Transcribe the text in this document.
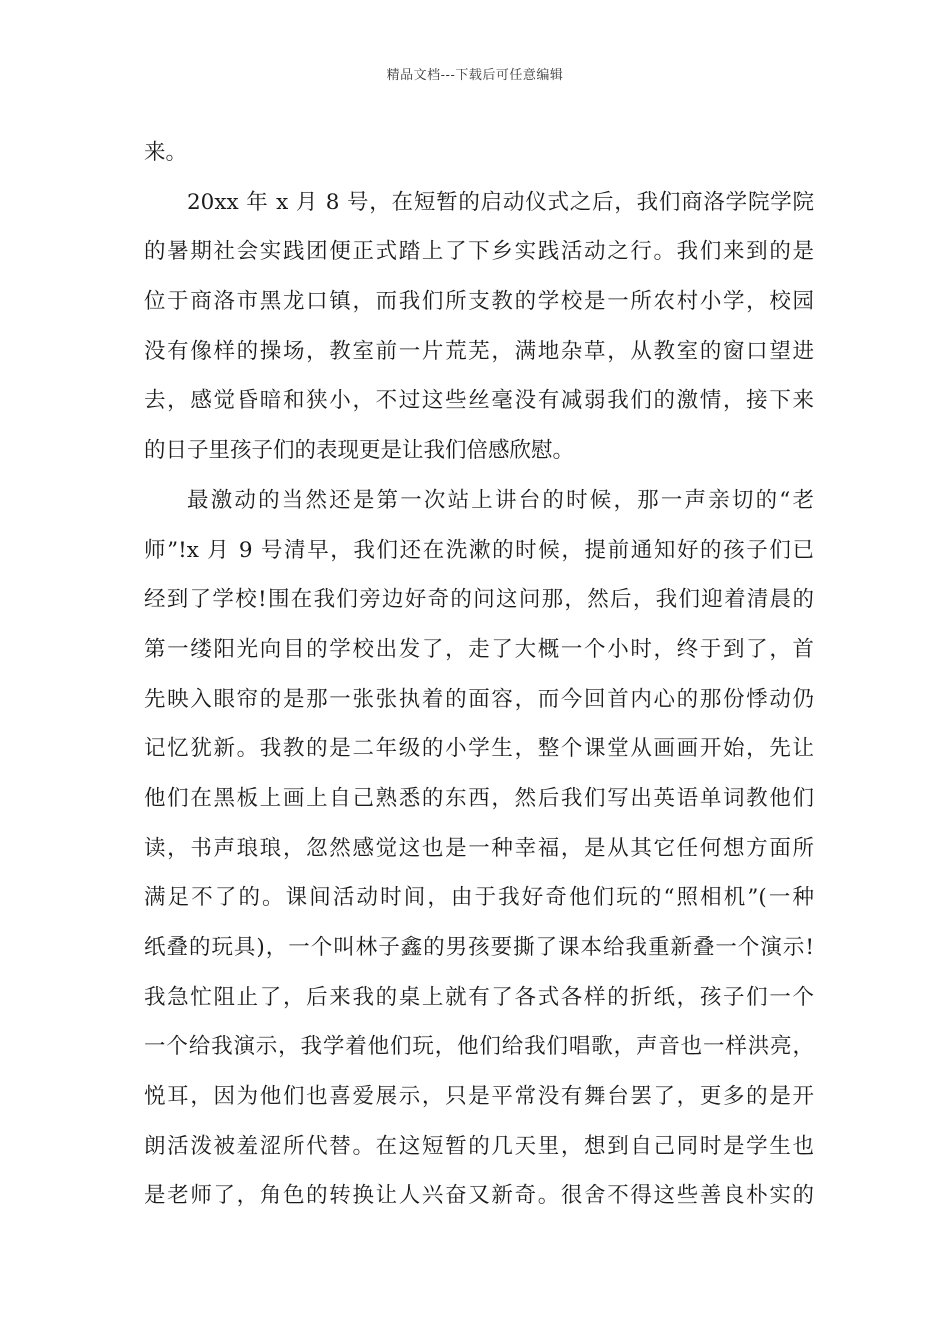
精品文档---下载后可任意编辑
来。
20xx 年 x 月 8 号，在短暂的启动仪式之后，我们商洛学院学院
的暑期社会实践团便正式踏上了下乡实践活动之行。我们来到的是
位于商洛市黑龙口镇，而我们所支教的学校是一所农村小学，校园
没有像样的操场，教室前一片荒芜，满地杂草，从教室的窗口望进
去，感觉昏暗和狭小，不过这些丝毫没有减弱我们的激情，接下来
的日子里孩子们的表现更是让我们倍感欣慰。
最激动的当然还是第一次站上讲台的时候，那一声亲切的“老
师”!x 月 9 号清早，我们还在洗漱的时候，提前通知好的孩子们已
经到了学校!围在我们旁边好奇的问这问那，然后，我们迎着清晨的
第一缕阳光向目的学校出发了，走了大概一个小时，终于到了，首
先映入眼帘的是那一张张执着的面容，而今回首内心的那份悸动仍
记忆犹新。我教的是二年级的小学生，整个课堂从画画开始，先让
他们在黑板上画上自己熟悉的东西，然后我们写出英语单词教他们
读，书声琅琅，忽然感觉这也是一种幸福，是从其它任何想方面所
满足不了的。课间活动时间，由于我好奇他们玩的“照相机”(一种
纸叠的玩具)，一个叫林子鑫的男孩要撕了课本给我重新叠一个演示!
我急忙阻止了，后来我的桌上就有了各式各样的折纸，孩子们一个
一个给我演示，我学着他们玩，他们给我们唱歌，声音也一样洪亮，
悦耳，因为他们也喜爱展示，只是平常没有舞台罢了，更多的是开
朗活泼被羞涩所代替。在这短暂的几天里，想到自己同时是学生也
是老师了，角色的转换让人兴奋又新奇。很舍不得这些善良朴实的
